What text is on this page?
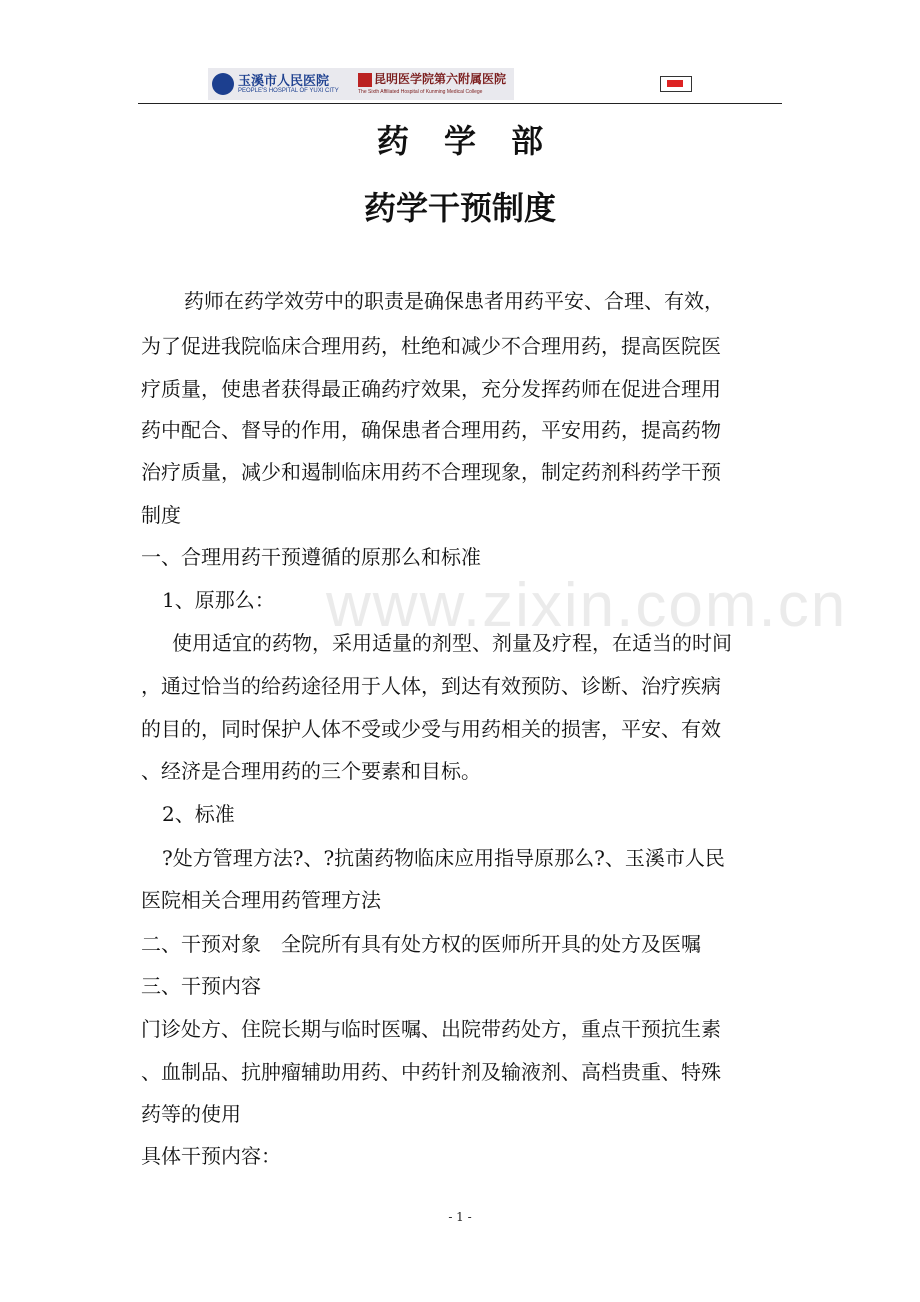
玉溪市人民医院
PEOPLE'S HOSPITAL OF YUXI CITY
昆明医学院第六附属医院
The Sixth Affiliated Hospital of Kunming Medical College
药 学 部
药学干预制度
www.zixin.com.cn
药师在药学效劳中的职责是确保患者用药平安、合理、有效，
为了促进我院临床合理用药，杜绝和减少不合理用药，提高医院医
疗质量，使患者获得最正确药疗效果，充分发挥药师在促进合理用
药中配合、督导的作用，确保患者合理用药，平安用药，提高药物
治疗质量，减少和遏制临床用药不合理现象，制定药剂科药学干预
制度
一、合理用药干预遵循的原那么和标准
1、原那么：
使用适宜的药物，采用适量的剂型、剂量及疗程，在适当的时间
，通过恰当的给药途径用于人体，到达有效预防、诊断、治疗疾病
的目的，同时保护人体不受或少受与用药相关的损害，平安、有效
、经济是合理用药的三个要素和目标。
2、标准
?处方管理方法?、?抗菌药物临床应用指导原那么?、玉溪市人民
医院相关合理用药管理方法
二、干预对象　全院所有具有处方权的医师所开具的处方及医嘱
三、干预内容
门诊处方、住院长期与临时医嘱、出院带药处方，重点干预抗生素
、血制品、抗肿瘤辅助用药、中药针剂及输液剂、高档贵重、特殊
药等的使用
具体干预内容：
- 1 -
